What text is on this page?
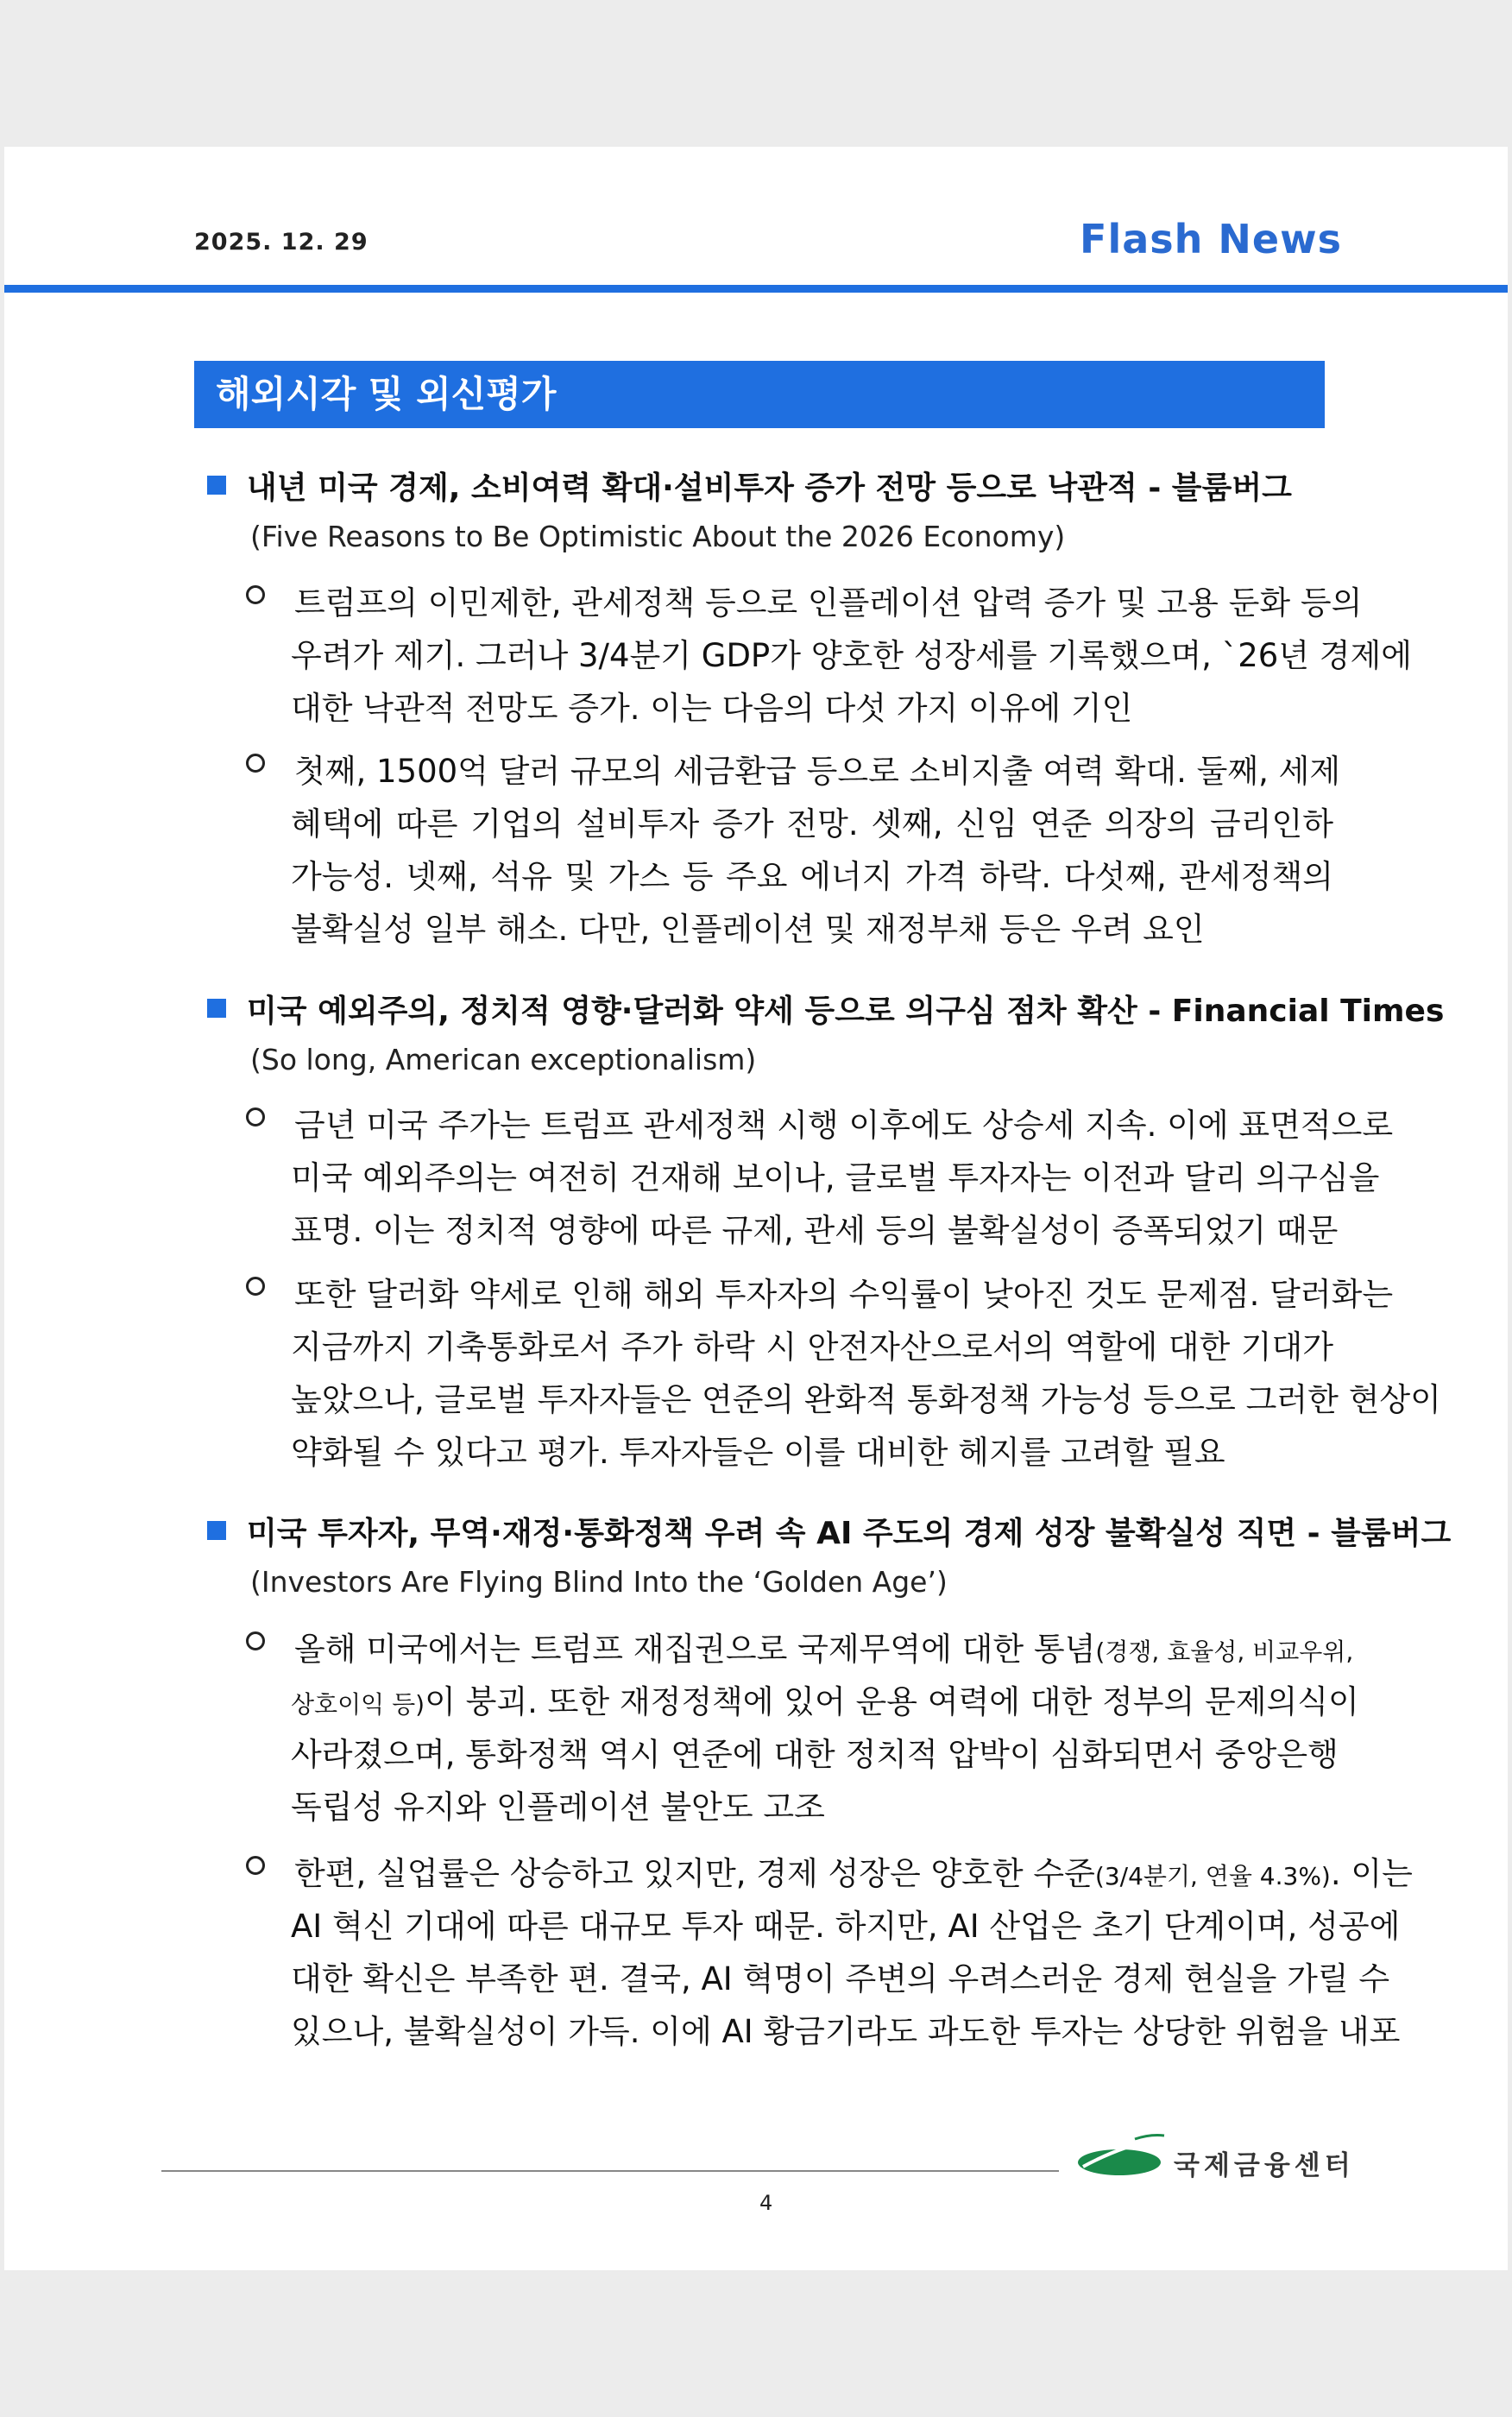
2025. 12. 29	Flash News
해외시각 및 외신평가
내년 미국 경제, 소비여력 확대·설비투자 증가 전망 등으로 낙관적 - 블룸버그
(Five Reasons to Be Optimistic About the 2026 Economy)
트럼프의 이민제한, 관세정책 등으로 인플레이션 압력 증가 및 고용 둔화 등의
우려가 제기. 그러나 3/4분기 GDP가 양호한 성장세를 기록했으며, `26년 경제에
대한 낙관적 전망도 증가. 이는 다음의 다섯 가지 이유에 기인
첫째, 1500억 달러 규모의 세금환급 등으로 소비지출 여력 확대. 둘째, 세제
혜택에 따른 기업의 설비투자 증가 전망. 셋째, 신임 연준 의장의 금리인하
가능성. 넷째, 석유 및 가스 등 주요 에너지 가격 하락. 다섯째, 관세정책의
불확실성 일부 해소. 다만, 인플레이션 및 재정부채 등은 우려 요인
미국 예외주의, 정치적 영향·달러화 약세 등으로 의구심 점차 확산 - Financial Times
(So long, American exceptionalism)
금년 미국 주가는 트럼프 관세정책 시행 이후에도 상승세 지속. 이에 표면적으로
미국 예외주의는 여전히 건재해 보이나, 글로벌 투자자는 이전과 달리 의구심을
표명. 이는 정치적 영향에 따른 규제, 관세 등의 불확실성이 증폭되었기 때문
또한 달러화 약세로 인해 해외 투자자의 수익률이 낮아진 것도 문제점. 달러화는
지금까지 기축통화로서 주가 하락 시 안전자산으로서의 역할에 대한 기대가
높았으나, 글로벌 투자자들은 연준의 완화적 통화정책 가능성 등으로 그러한 현상이
약화될 수 있다고 평가. 투자자들은 이를 대비한 헤지를 고려할 필요
미국 투자자, 무역·재정·통화정책 우려 속 AI 주도의 경제 성장 불확실성 직면 - 블룸버그
(Investors Are Flying Blind Into the ‘Golden Age’)
올해 미국에서는 트럼프 재집권으로 국제무역에 대한 통념(경쟁, 효율성, 비교우위,
상호이익 등)이 붕괴. 또한 재정정책에 있어 운용 여력에 대한 정부의 문제의식이
사라졌으며, 통화정책 역시 연준에 대한 정치적 압박이 심화되면서 중앙은행
독립성 유지와 인플레이션 불안도 고조
한편, 실업률은 상승하고 있지만, 경제 성장은 양호한 수준(3/4분기, 연율 4.3%). 이는
AI 혁신 기대에 따른 대규모 투자 때문. 하지만, AI 산업은 초기 단계이며, 성공에
대한 확신은 부족한 편. 결국, AI 혁명이 주변의 우려스러운 경제 현실을 가릴 수
있으나, 불확실성이 가득. 이에 AI 황금기라도 과도한 투자는 상당한 위험을 내포
국제금융센터
4
